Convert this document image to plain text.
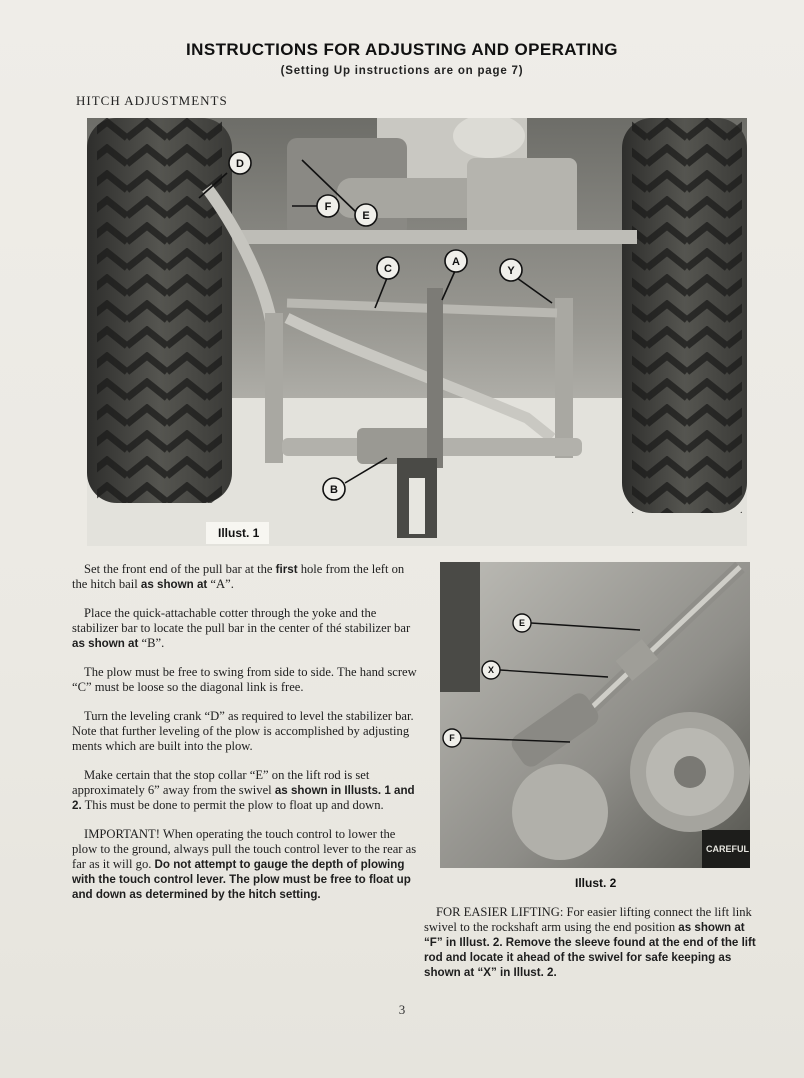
INSTRUCTIONS FOR ADJUSTING AND OPERATING
(Setting Up instructions are on page 7)
HITCH ADJUSTMENTS
D
F
E
C
A
Y
B
Illust. 1
CAREFUL
E
X
F
Illust. 2

Set the front end of the pull bar at the first hole from the left on the hitch bail as shown at “A”.

Place the quick-attachable cotter through the yoke and the stabilizer bar to locate the pull bar in the center of thé stabilizer bar as shown at “B”.

The plow must be free to swing from side to side. The hand screw “C” must be loose so the diagonal link is free.

Turn the leveling crank “D” as required to level the stabilizer bar. Note that further leveling of the plow is accomplished by adjusting ments which are built into the plow.

Make certain that the stop collar “E” on the lift rod is set approximately 6” away from the swivel as shown in Illusts. 1 and 2. This must be done to permit the plow to float up and down.

IMPORTANT! When operating the touch control to lower the plow to the ground, always pull the touch control lever to the rear as far as it will go. Do not attempt to gauge the depth of plowing with the touch control lever. The plow must be free to float up and down as determined by the hitch setting.

FOR EASIER LIFTING: For easier lifting connect the lift link swivel to the rockshaft arm using the end position as shown at “F” in Illust. 2. Remove the sleeve found at the end of the lift rod and locate it ahead of the swivel for safe keeping as shown at “X” in Illust. 2.

3
